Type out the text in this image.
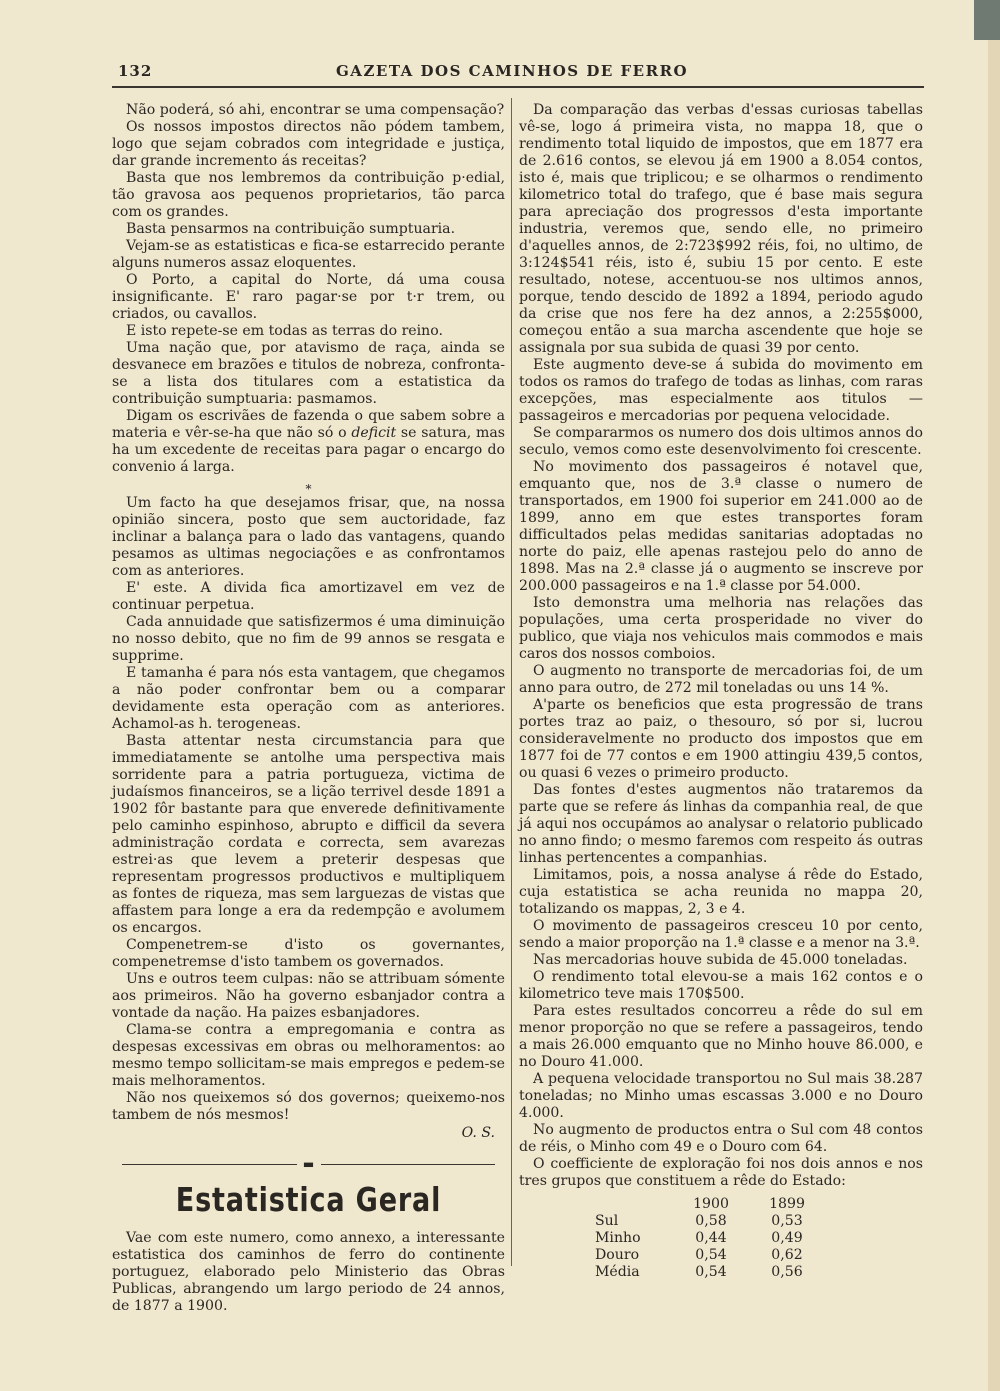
132	GAZETA DOS CAMINHOS DE FERRO

Não poderá, só ahi, encontrar se uma compensação?

Os nossos impostos directos não pódem tambem, logo que sejam cobrados com integridade e justiça, dar grande incremento ás receitas?

Basta que nos lembremos da contribuição p·edial, tão gravosa aos pequenos proprietarios, tão parca com os grandes.

Basta pensarmos na contribuição sumptuaria.

Vejam-se as estatisticas e fica-se estarrecido perante alguns numeros assaz eloquentes.

O Porto, a capital do Norte, dá uma cousa insignificante. E' raro pagar·se por t·r trem, ou criados, ou cavallos.

E isto repete-se em todas as terras do reino.

Uma nação que, por atavismo de raça, ainda se desvanece em brazões e titulos de nobreza, confronta-se a lista dos titulares com a estatistica da contribuição sumptuaria: pasmamos.

Digam os escrivães de fazenda o que sabem sobre a materia e vêr-se-ha que não só o deficit se satura, mas ha um excedente de receitas para pagar o encargo do convenio á larga.

*

Um facto ha que desejamos frisar, que, na nossa opinião sincera, posto que sem auctoridade, faz inclinar a balança para o lado das vantagens, quando pesamos as ultimas negociações e as confrontamos com as anteriores.

E' este. A divida fica amortizavel em vez de continuar perpetua.

Cada annuidade que satisfizermos é uma diminuição no nosso debito, que no fim de 99 annos se resgata e supprime.

E tamanha é para nós esta vantagem, que chegamos a não poder confrontar bem ou a comparar devidamente esta operação com as anteriores. Achamol-as h. terogeneas.

Basta attentar nesta circumstancia para que immediatamente se antolhe uma perspectiva mais sorridente para a patria portugueza, victima de judaísmos financeiros, se a lição terrivel desde 1891 a 1902 fôr bastante para que enverede definitivamente pelo caminho espinhoso, abrupto e difficil da severa administração cordata e correcta, sem avarezas estrei·as que levem a preterir despesas que representam progressos productivos e multipliquem as fontes de riqueza, mas sem larguezas de vistas que affastem para longe a era da redempção e avolumem os encargos.

Compenetrem-se d'isto os governantes, compenetremse d'isto tambem os governados.

Uns e outros teem culpas: não se attribuam sómente aos primeiros. Não ha governo esbanjador contra a vontade da nação. Ha paizes esbanjadores.

Clama-se contra a empregomania e contra as despesas excessivas em obras ou melhoramentos: ao mesmo tempo sollicitam-se mais empregos e pedem-se mais melhoramentos.

Não nos queixemos só dos governos; queixemo-nos tambem de nós mesmos!

O. S.
▬
Estatistica Geral

Vae com este numero, como annexo, a interessante estatistica dos caminhos de ferro do continente portuguez, elaborado pelo Ministerio das Obras Publicas, abrangendo um largo periodo de 24 annos, de 1877 a 1900.

Da comparação das verbas d'essas curiosas tabellas vê-se, logo á primeira vista, no mappa 18, que o rendimento total liquido de impostos, que em 1877 era de 2.616 contos, se elevou já em 1900 a 8.054 contos, isto é, mais que triplicou; e se olharmos o rendimento kilometrico total do trafego, que é base mais segura para apreciação dos progressos d'esta importante industria, veremos que, sendo elle, no primeiro d'aquelles annos, de 2:723$992 réis, foi, no ultimo, de 3:124$541 réis, isto é, subiu 15 por cento. E este resultado, notese, accentuou-se nos ultimos annos, porque, tendo descido de 1892 a 1894, periodo agudo da crise que nos fere ha dez annos, a 2:255$000, começou então a sua marcha ascendente que hoje se assignala por sua subida de quasi 39 por cento.

Este augmento deve-se á subida do movimento em todos os ramos do trafego de todas as linhas, com raras excepções, mas especialmente aos titulos — passageiros e mercadorias por pequena velocidade.

Se compararmos os numero dos dois ultimos annos do seculo, vemos como este desenvolvimento foi crescente.

No movimento dos passageiros é notavel que, emquanto que, nos de 3.ª classe o numero de transportados, em 1900 foi superior em 241.000 ao de 1899, anno em que estes transportes foram difficultados pelas medidas sanitarias adoptadas no norte do paiz, elle apenas rastejou pelo do anno de 1898. Mas na 2.ª classe já o augmento se inscreve por 200.000 passageiros e na 1.ª classe por 54.000.

Isto demonstra uma melhoria nas relações das populações, uma certa prosperidade no viver do publico, que viaja nos vehiculos mais commodos e mais caros dos nossos comboios.

O augmento no transporte de mercadorias foi, de um anno para outro, de 272 mil toneladas ou uns 14 %.

A'parte os beneficios que esta progressão de trans portes traz ao paiz, o thesouro, só por si, lucrou consideravelmente no producto dos impostos que em 1877 foi de 77 contos e em 1900 attingiu 439,5 contos, ou quasi 6 vezes o primeiro producto.

Das fontes d'estes augmentos não trataremos da parte que se refere ás linhas da companhia real, de que já aqui nos occupámos ao analysar o relatorio publicado no anno findo; o mesmo faremos com respeito ás outras linhas pertencentes a companhias.

Limitamos, pois, a nossa analyse á rêde do Estado, cuja estatistica se acha reunida no mappa 20, totalizando os mappas, 2, 3 e 4.

O movimento de passageiros cresceu 10 por cento, sendo a maior proporção na 1.ª classe e a menor na 3.ª.

Nas mercadorias houve subida de 45.000 toneladas.

O rendimento total elevou-se a mais 162 contos e o kilometrico teve mais 170$500.

Para estes resultados concorreu a rêde do sul em menor proporção no que se refere a passageiros, tendo a mais 26.000 emquanto que no Minho houve 86.000, e no Douro 41.000.

A pequena velocidade transportou no Sul mais 38.287 toneladas; no Minho umas escassas 3.000 e no Douro 4.000.

No augmento de productos entra o Sul com 48 contos de réis, o Minho com 49 e o Douro com 64.

O coefficiente de exploração foi nos dois annos e nos tres grupos que constituem a rêde do Estado:

	1900	1899
Sul	0,58	0,53
Minho	0,44	0,49
Douro	0,54	0,62
Média	0,54	0,56
